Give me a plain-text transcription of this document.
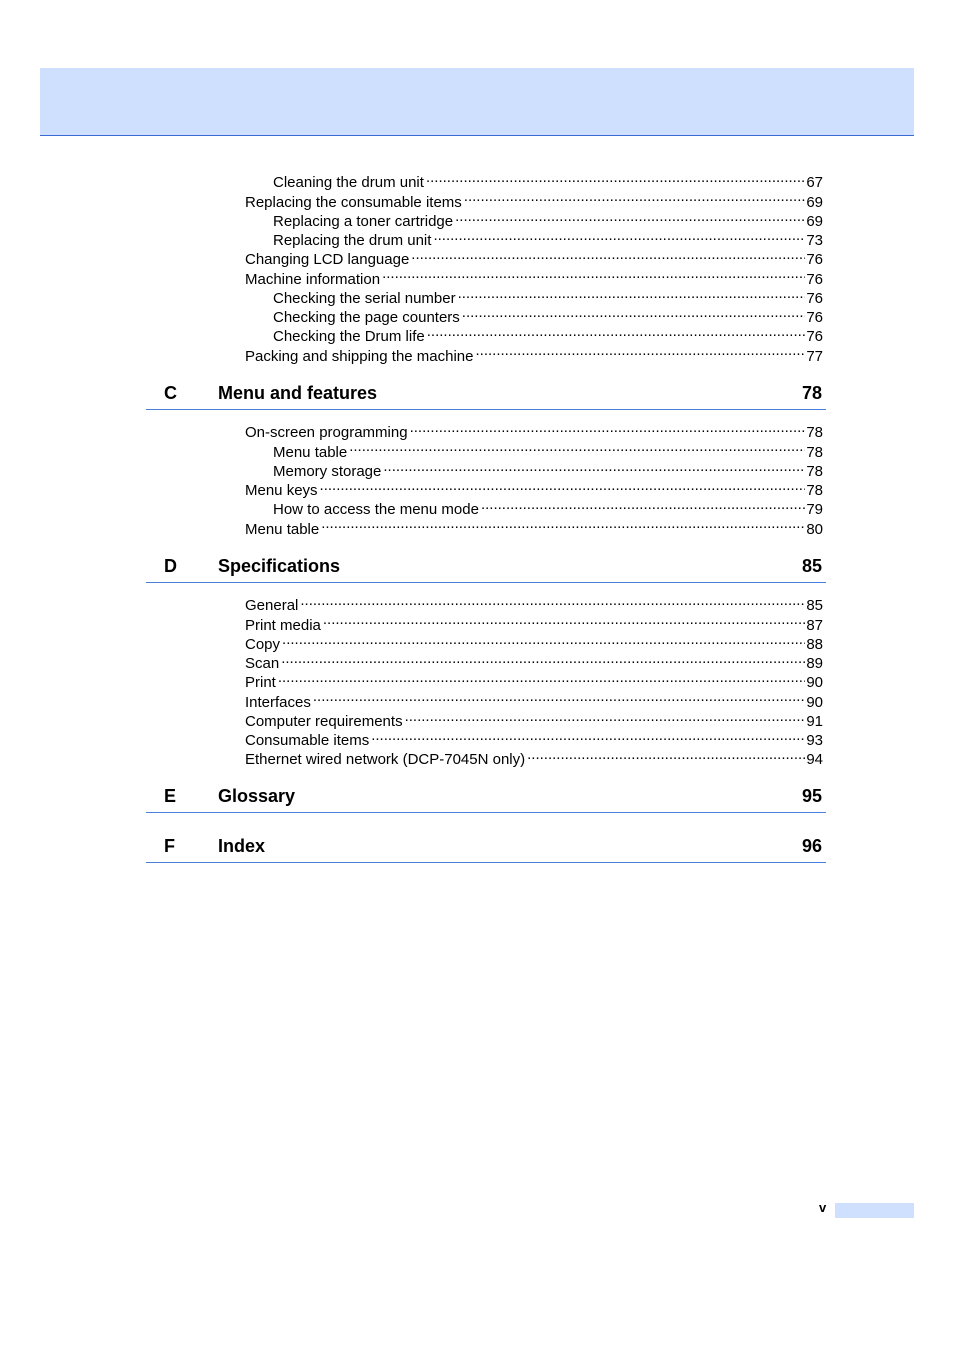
Cleaning the drum unit .....	67
Replacing the consumable items .....	69
Replacing a toner cartridge .....	69
Replacing the drum unit .....	73
Changing LCD language .....	76
Machine information .....	76
Checking the serial number .....	76
Checking the page counters .....	76
Checking the Drum life .....	76
Packing and shipping the machine .....	77
C Menu and features	78
On-screen programming .....	78
Menu table .....	78
Memory storage .....	78
Menu keys .....	78
How to access the menu mode .....	79
Menu table .....	80
D Specifications	85
General .....	85
Print media .....	87
Copy .....	88
Scan .....	89
Print .....	90
Interfaces .....	90
Computer requirements .....	91
Consumable items .....	93
Ethernet wired network (DCP-7045N only) .....	94
E Glossary	95
F Index	96
v
